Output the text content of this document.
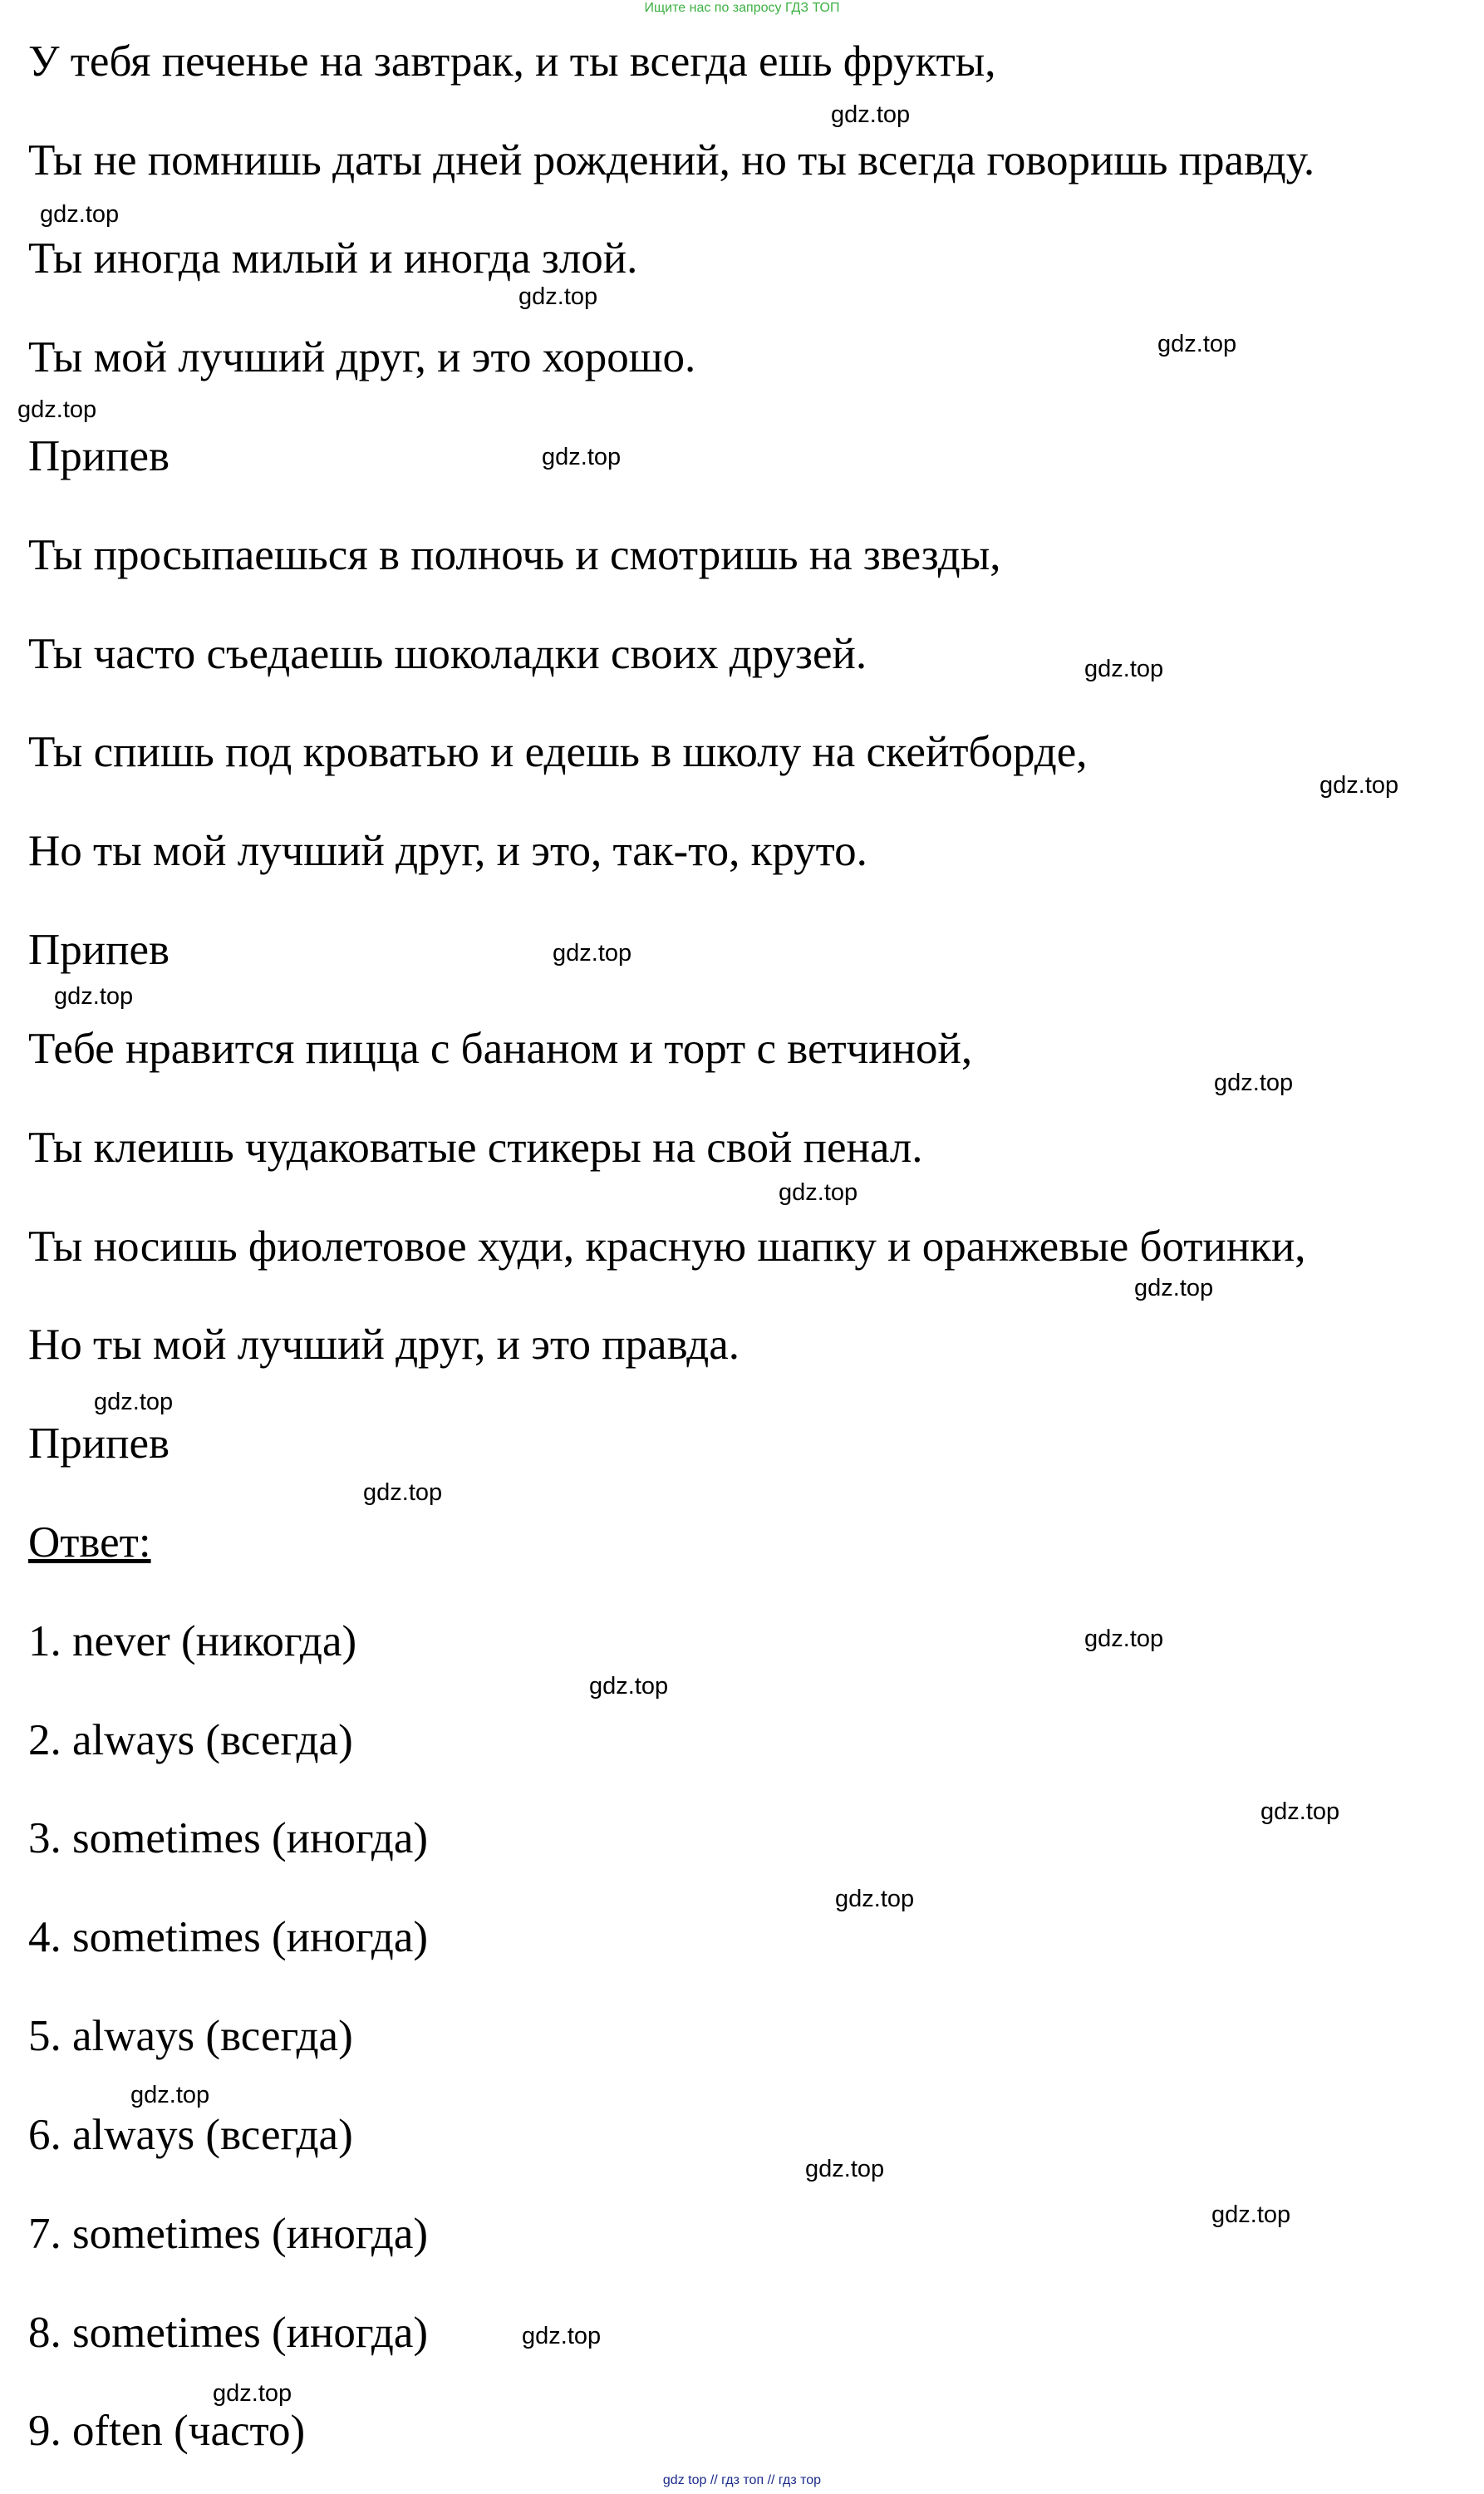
Ищите нас по запросу ГДЗ ТОП
У тебя печенье на завтрак, и ты всегда ешь фрукты,
Ты не помнишь даты дней рождений, но ты всегда говоришь правду.
Ты иногда милый и иногда злой.
Ты мой лучший друг, и это хорошо.
Припев
Ты просыпаешься в полночь и смотришь на звезды,
Ты часто съедаешь шоколадки своих друзей.
Ты спишь под кроватью и едешь в школу на скейтборде,
Но ты мой лучший друг, и это, так-то, круто.
Припев
Тебе нравится пицца с бананом и торт с ветчиной,
Ты клеишь чудаковатые стикеры на свой пенал.
Ты носишь фиолетовое худи, красную шапку и оранжевые ботинки,
Но ты мой лучший друг, и это правда.
Припев
Ответ:
1. never (никогда)
2. always (всегда)
3. sometimes (иногда)
4. sometimes (иногда)
5. always (всегда)
6. always (всегда)
7. sometimes (иногда)
8. sometimes (иногда)
9. often (часто)
gdz.top
gdz.top
gdz.top
gdz.top
gdz.top
gdz.top
gdz.top
gdz.top
gdz.top
gdz.top
gdz.top
gdz.top
gdz.top
gdz.top
gdz.top
gdz.top
gdz.top
gdz.top
gdz.top
gdz.top
gdz.top
gdz.top
gdz.top
gdz.top
gdz top // гдз топ // гдз тор
